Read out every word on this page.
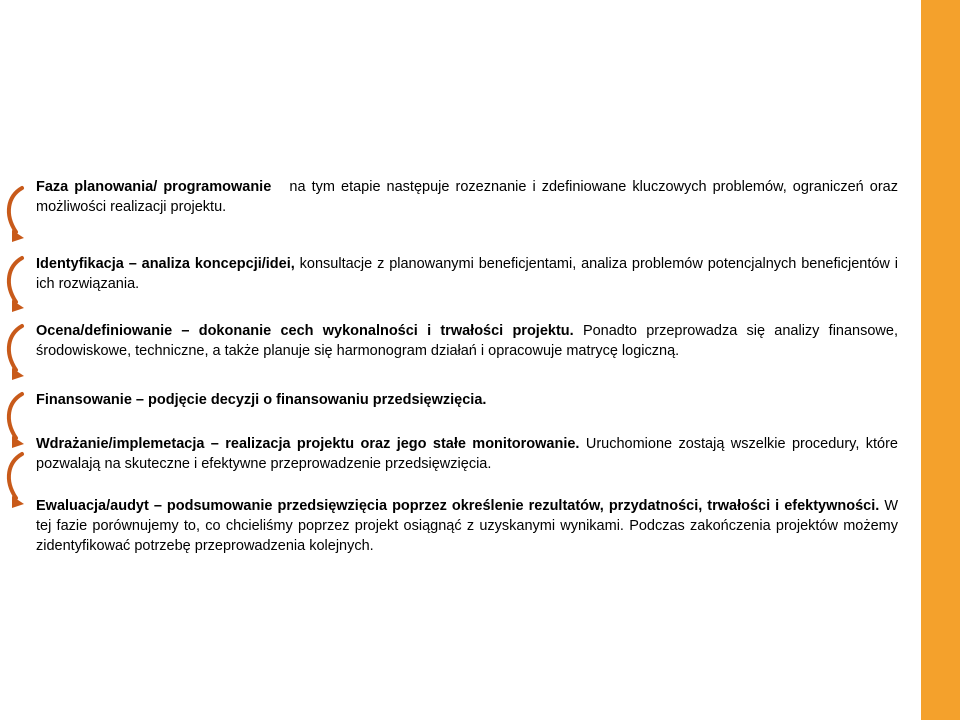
Faza planowania/ programowanie na tym etapie następuje rozeznanie i zdefiniowane kluczowych problemów, ograniczeń oraz możliwości realizacji projektu.
Identyfikacja – analiza koncepcji/idei, konsultacje z planowanymi beneficjentami, analiza problemów potencjalnych beneficjentów i ich rozwiązania.
Ocena/definiowanie – dokonanie cech wykonalności i trwałości projektu. Ponadto przeprowadza się analizy finansowe, środowiskowe, techniczne, a także planuje się harmonogram działań i opracowuje matrycę logiczną.
Finansowanie – podjęcie decyzji o finansowaniu przedsięwzięcia.
Wdrażanie/implemetacja – realizacja projektu oraz jego stałe monitorowanie. Uruchomione zostają wszelkie procedury, które pozwalają na skuteczne i efektywne przeprowadzenie przedsięwzięcia.
Ewaluacja/audyt – podsumowanie przedsięwzięcia poprzez określenie rezultatów, przydatności, trwałości i efektywności. W tej fazie porównujemy to, co chcieliśmy poprzez projekt osiągnąć z uzyskanymi wynikami. Podczas zakończenia projektów możemy zidentyfikować potrzebę przeprowadzenia kolejnych.
